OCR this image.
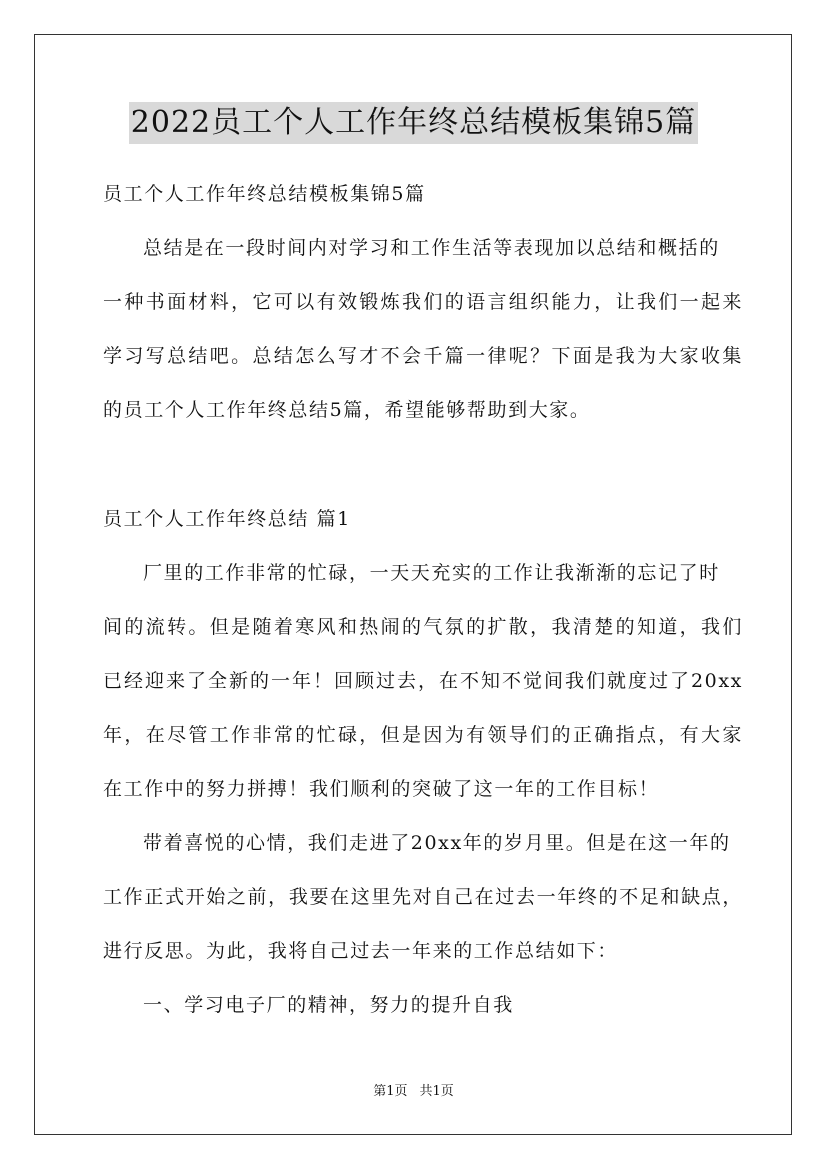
2022员工个人工作年终总结模板集锦5篇
员工个人工作年终总结模板集锦5篇
总结是在一段时间内对学习和工作生活等表现加以总结和概括的
一种书面材料，它可以有效锻炼我们的语言组织能力，让我们一起来
学习写总结吧。总结怎么写才不会千篇一律呢？下面是我为大家收集
的员工个人工作年终总结5篇，希望能够帮助到大家。
员工个人工作年终总结 篇1
厂里的工作非常的忙碌，一天天充实的工作让我渐渐的忘记了时
间的流转。但是随着寒风和热闹的气氛的扩散，我清楚的知道，我们
已经迎来了全新的一年！回顾过去，在不知不觉间我们就度过了20xx
年，在尽管工作非常的忙碌，但是因为有领导们的正确指点，有大家
在工作中的努力拼搏！我们顺利的突破了这一年的工作目标！
带着喜悦的心情，我们走进了20xx年的岁月里。但是在这一年的
工作正式开始之前，我要在这里先对自己在过去一年终的不足和缺点，
进行反思。为此，我将自己过去一年来的工作总结如下：
一、学习电子厂的精神，努力的提升自我
第1页 共1页
